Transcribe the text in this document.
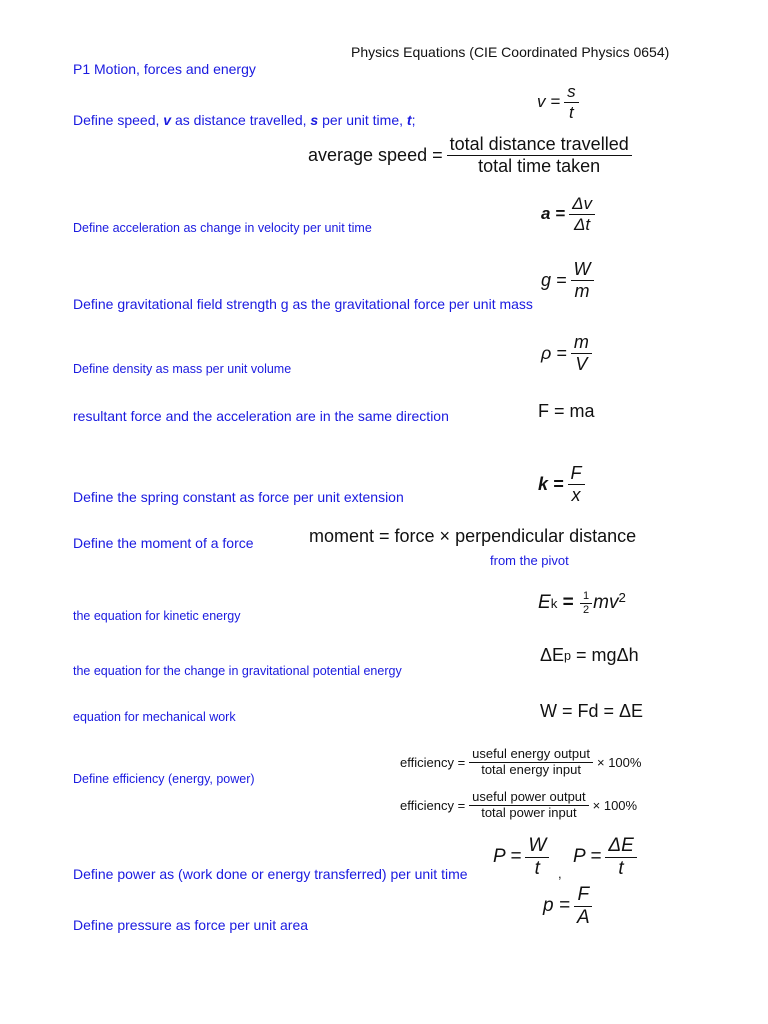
Physics Equations (CIE Coordinated Physics 0654)
P1 Motion, forces and energy
Define speed, v as distance travelled, s per unit time, t;
$v = \frac{s}{t}$
average speed = $\frac{\text{total distance travelled}}{\text{total time taken}}$
Define acceleration as change in velocity per unit time
$a = \frac{\Delta v}{\Delta t}$
Define gravitational field strength g as the gravitational force per unit mass
$g = \frac{W}{m}$
Define density as mass per unit volume
$\rho = \frac{m}{V}$
resultant force and the acceleration are in the same direction	F = ma
Define the spring constant as force per unit extension
$k = \frac{F}{x}$
Define the moment of a force	moment = force × perpendicular distance
from the pivot
the equation for kinetic energy
E $k = \frac{1}{2}$ mv 2
the equation for the change in gravitational potential energy
ΔE p = mgΔh
equation for mechanical work	W = Fd = ΔE
Define efficiency (energy, power)
efficiency = $\frac{\text{useful energy output}}{\text{total energy input}} \times 100\%$
efficiency = $\frac{\text{useful power output}}{\text{total power input}} \times 100\%$
Define power as (work done or energy transferred) per unit time
$P = \frac{W}{t}$ ,
$P = \frac{\Delta E}{t}$
Define pressure as force per unit area
$p = \frac{F}{A}$
